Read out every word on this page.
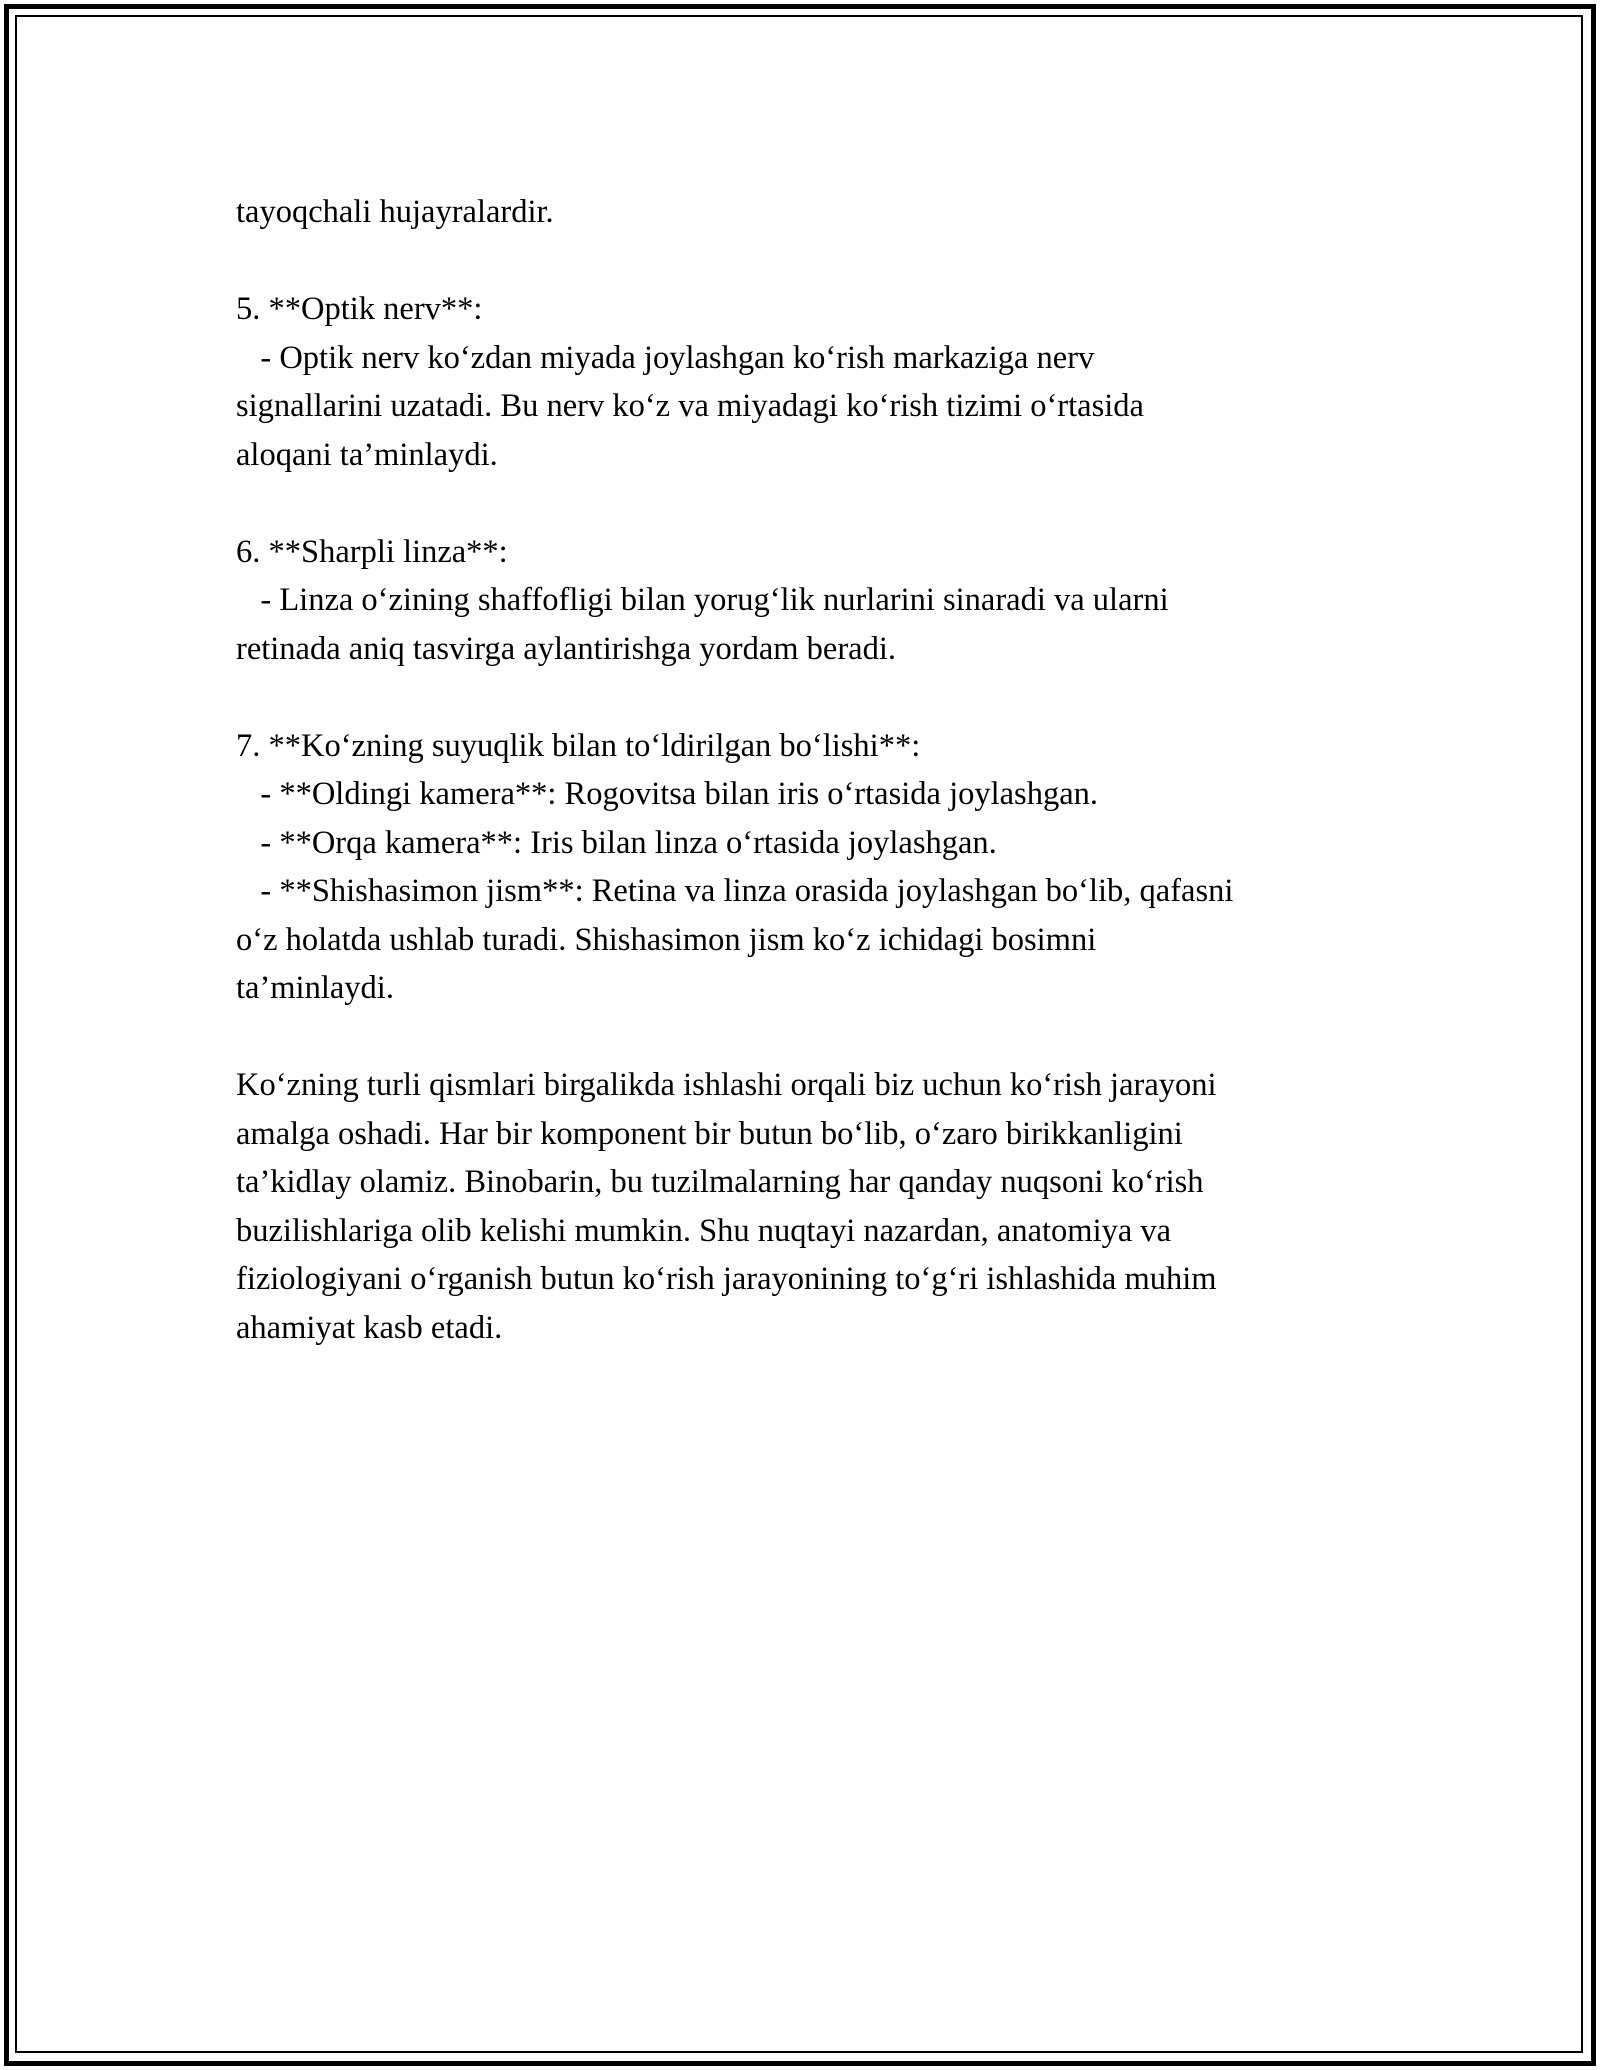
tayoqchali hujayralardir.
5. **Optik nerv**:
- Optik nerv ko‘zdan miyada joylashgan ko‘rish markaziga nerv
signallarini uzatadi. Bu nerv ko‘z va miyadagi ko‘rish tizimi o‘rtasida
aloqani ta’minlaydi.
6. **Sharpli linza**:
- Linza o‘zining shaffofligi bilan yorug‘lik nurlarini sinaradi va ularni
retinada aniq tasvirga aylantirishga yordam beradi.
7. **Ko‘zning suyuqlik bilan to‘ldirilgan bo‘lishi**:
- **Oldingi kamera**: Rogovitsa bilan iris o‘rtasida joylashgan.
- **Orqa kamera**: Iris bilan linza o‘rtasida joylashgan.
- **Shishasimon jism**: Retina va linza orasida joylashgan bo‘lib, qafasni
o‘z holatda ushlab turadi. Shishasimon jism ko‘z ichidagi bosimni
ta’minlaydi.
Ko‘zning turli qismlari birgalikda ishlashi orqali biz uchun ko‘rish jarayoni
amalga oshadi. Har bir komponent bir butun bo‘lib, o‘zaro birikkanligini
ta’kidlay olamiz. Binobarin, bu tuzilmalarning har qanday nuqsoni ko‘rish
buzilishlariga olib kelishi mumkin. Shu nuqtayi nazardan, anatomiya va
fiziologiyani o‘rganish butun ko‘rish jarayonining to‘g‘ri ishlashida muhim
ahamiyat kasb etadi.
